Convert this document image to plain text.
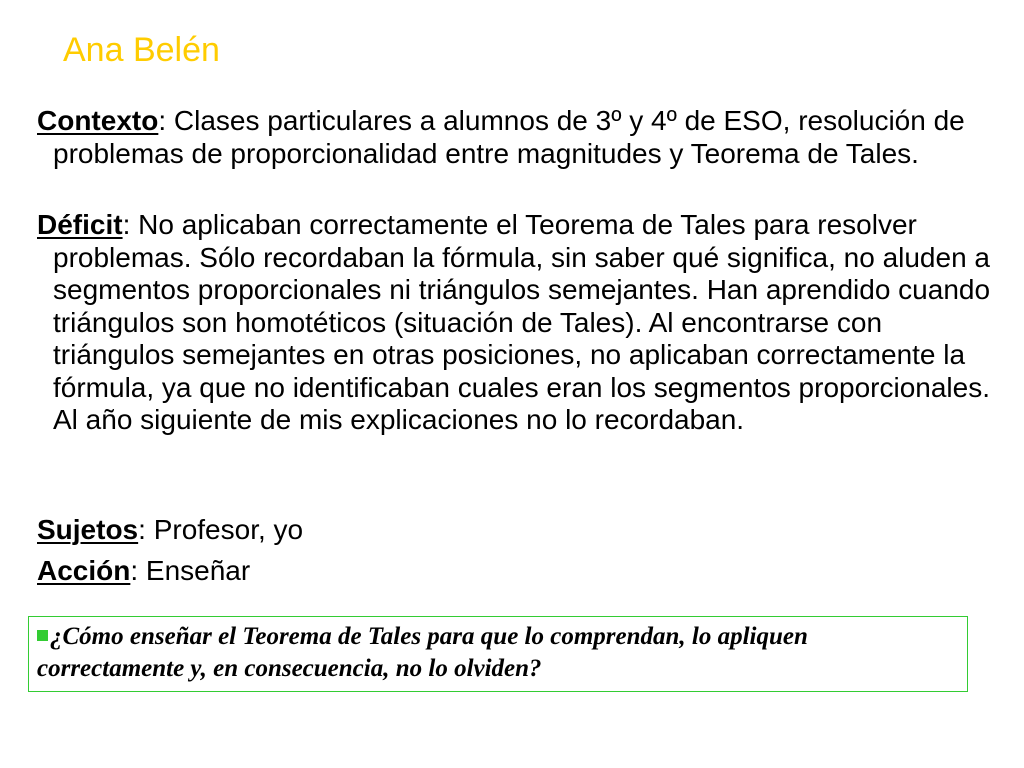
Ana Belén

Contexto: Clases particulares a alumnos de 3º y 4º de ESO, resolución de problemas de proporcionalidad entre magnitudes y Teorema de Tales.

Déficit: No aplicaban correctamente el Teorema de Tales para resolver problemas. Sólo recordaban la fórmula, sin saber qué significa, no aluden a segmentos proporcionales ni triángulos semejantes. Han aprendido cuando triángulos son homotéticos (situación de Tales). Al encontrarse con triángulos semejantes en otras posiciones, no aplicaban correctamente la fórmula, ya que no identificaban cuales eran los segmentos proporcionales. Al año siguiente de mis explicaciones no lo recordaban.

Sujetos: Profesor, yo

Acción: Enseñar

¿Cómo enseñar el Teorema de Tales para que lo comprendan, lo apliquen correctamente y, en consecuencia, no lo olviden?
